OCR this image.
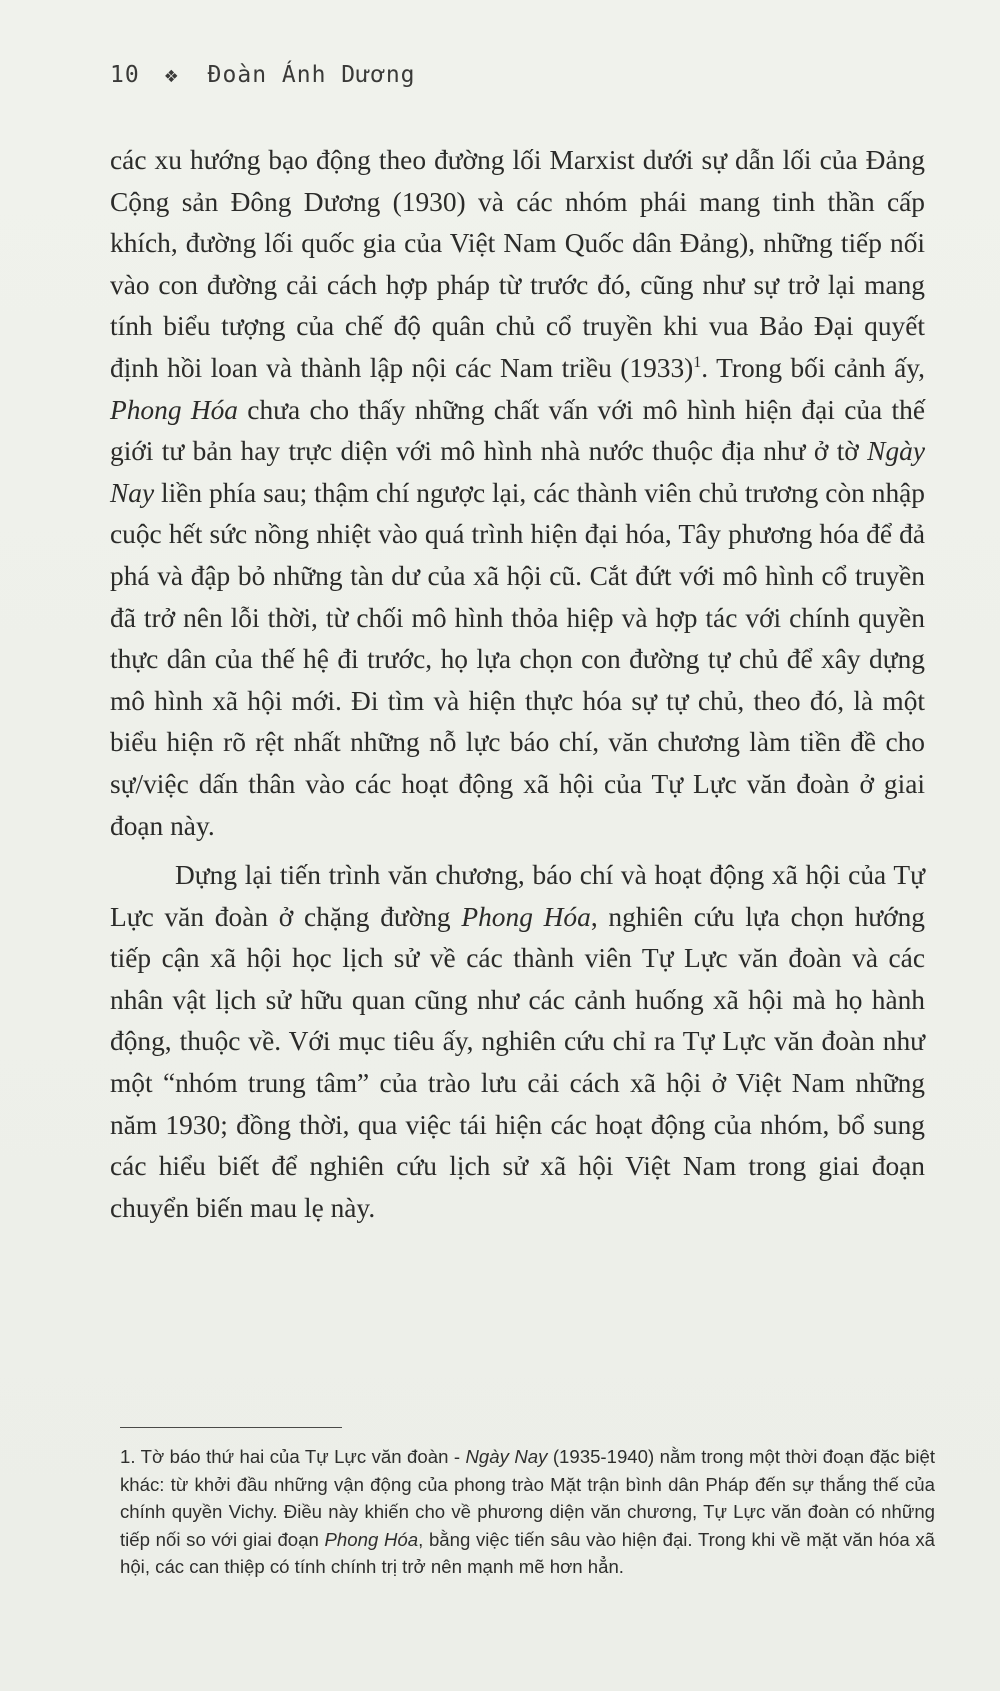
10 ❖ Đoàn Ánh Dương

các xu hướng bạo động theo đường lối Marxist dưới sự dẫn lối của Đảng Cộng sản Đông Dương (1930) và các nhóm phái mang tinh thần cấp khích, đường lối quốc gia của Việt Nam Quốc dân Đảng), những tiếp nối vào con đường cải cách hợp pháp từ trước đó, cũng như sự trở lại mang tính biểu tượng của chế độ quân chủ cổ truyền khi vua Bảo Đại quyết định hồi loan và thành lập nội các Nam triều (1933)$^1$. Trong bối cảnh ấy, Phong Hóa chưa cho thấy những chất vấn với mô hình hiện đại của thế giới tư bản hay trực diện với mô hình nhà nước thuộc địa như ở tờ Ngày Nay liền phía sau; thậm chí ngược lại, các thành viên chủ trương còn nhập cuộc hết sức nồng nhiệt vào quá trình hiện đại hóa, Tây phương hóa để đả phá và đập bỏ những tàn dư của xã hội cũ. Cắt đứt với mô hình cổ truyền đã trở nên lỗi thời, từ chối mô hình thỏa hiệp và hợp tác với chính quyền thực dân của thế hệ đi trước, họ lựa chọn con đường tự chủ để xây dựng mô hình xã hội mới. Đi tìm và hiện thực hóa sự tự chủ, theo đó, là một biểu hiện rõ rệt nhất những nỗ lực báo chí, văn chương làm tiền đề cho sự/việc dấn thân vào các hoạt động xã hội của Tự Lực văn đoàn ở giai đoạn này.

Dựng lại tiến trình văn chương, báo chí và hoạt động xã hội của Tự Lực văn đoàn ở chặng đường Phong Hóa, nghiên cứu lựa chọn hướng tiếp cận xã hội học lịch sử về các thành viên Tự Lực văn đoàn và các nhân vật lịch sử hữu quan cũng như các cảnh huống xã hội mà họ hành động, thuộc về. Với mục tiêu ấy, nghiên cứu chỉ ra Tự Lực văn đoàn như một “nhóm trung tâm” của trào lưu cải cách xã hội ở Việt Nam những năm 1930; đồng thời, qua việc tái hiện các hoạt động của nhóm, bổ sung các hiểu biết để nghiên cứu lịch sử xã hội Việt Nam trong giai đoạn chuyển biến mau lẹ này.

1. Tờ báo thứ hai của Tự Lực văn đoàn - Ngày Nay (1935-1940) nằm trong một thời đoạn đặc biệt khác: từ khởi đầu những vận động của phong trào Mặt trận bình dân Pháp đến sự thắng thế của chính quyền Vichy. Điều này khiến cho về phương diện văn chương, Tự Lực văn đoàn có những tiếp nối so với giai đoạn Phong Hóa, bằng việc tiến sâu vào hiện đại. Trong khi về mặt văn hóa xã hội, các can thiệp có tính chính trị trở nên mạnh mẽ hơn hẳn.
